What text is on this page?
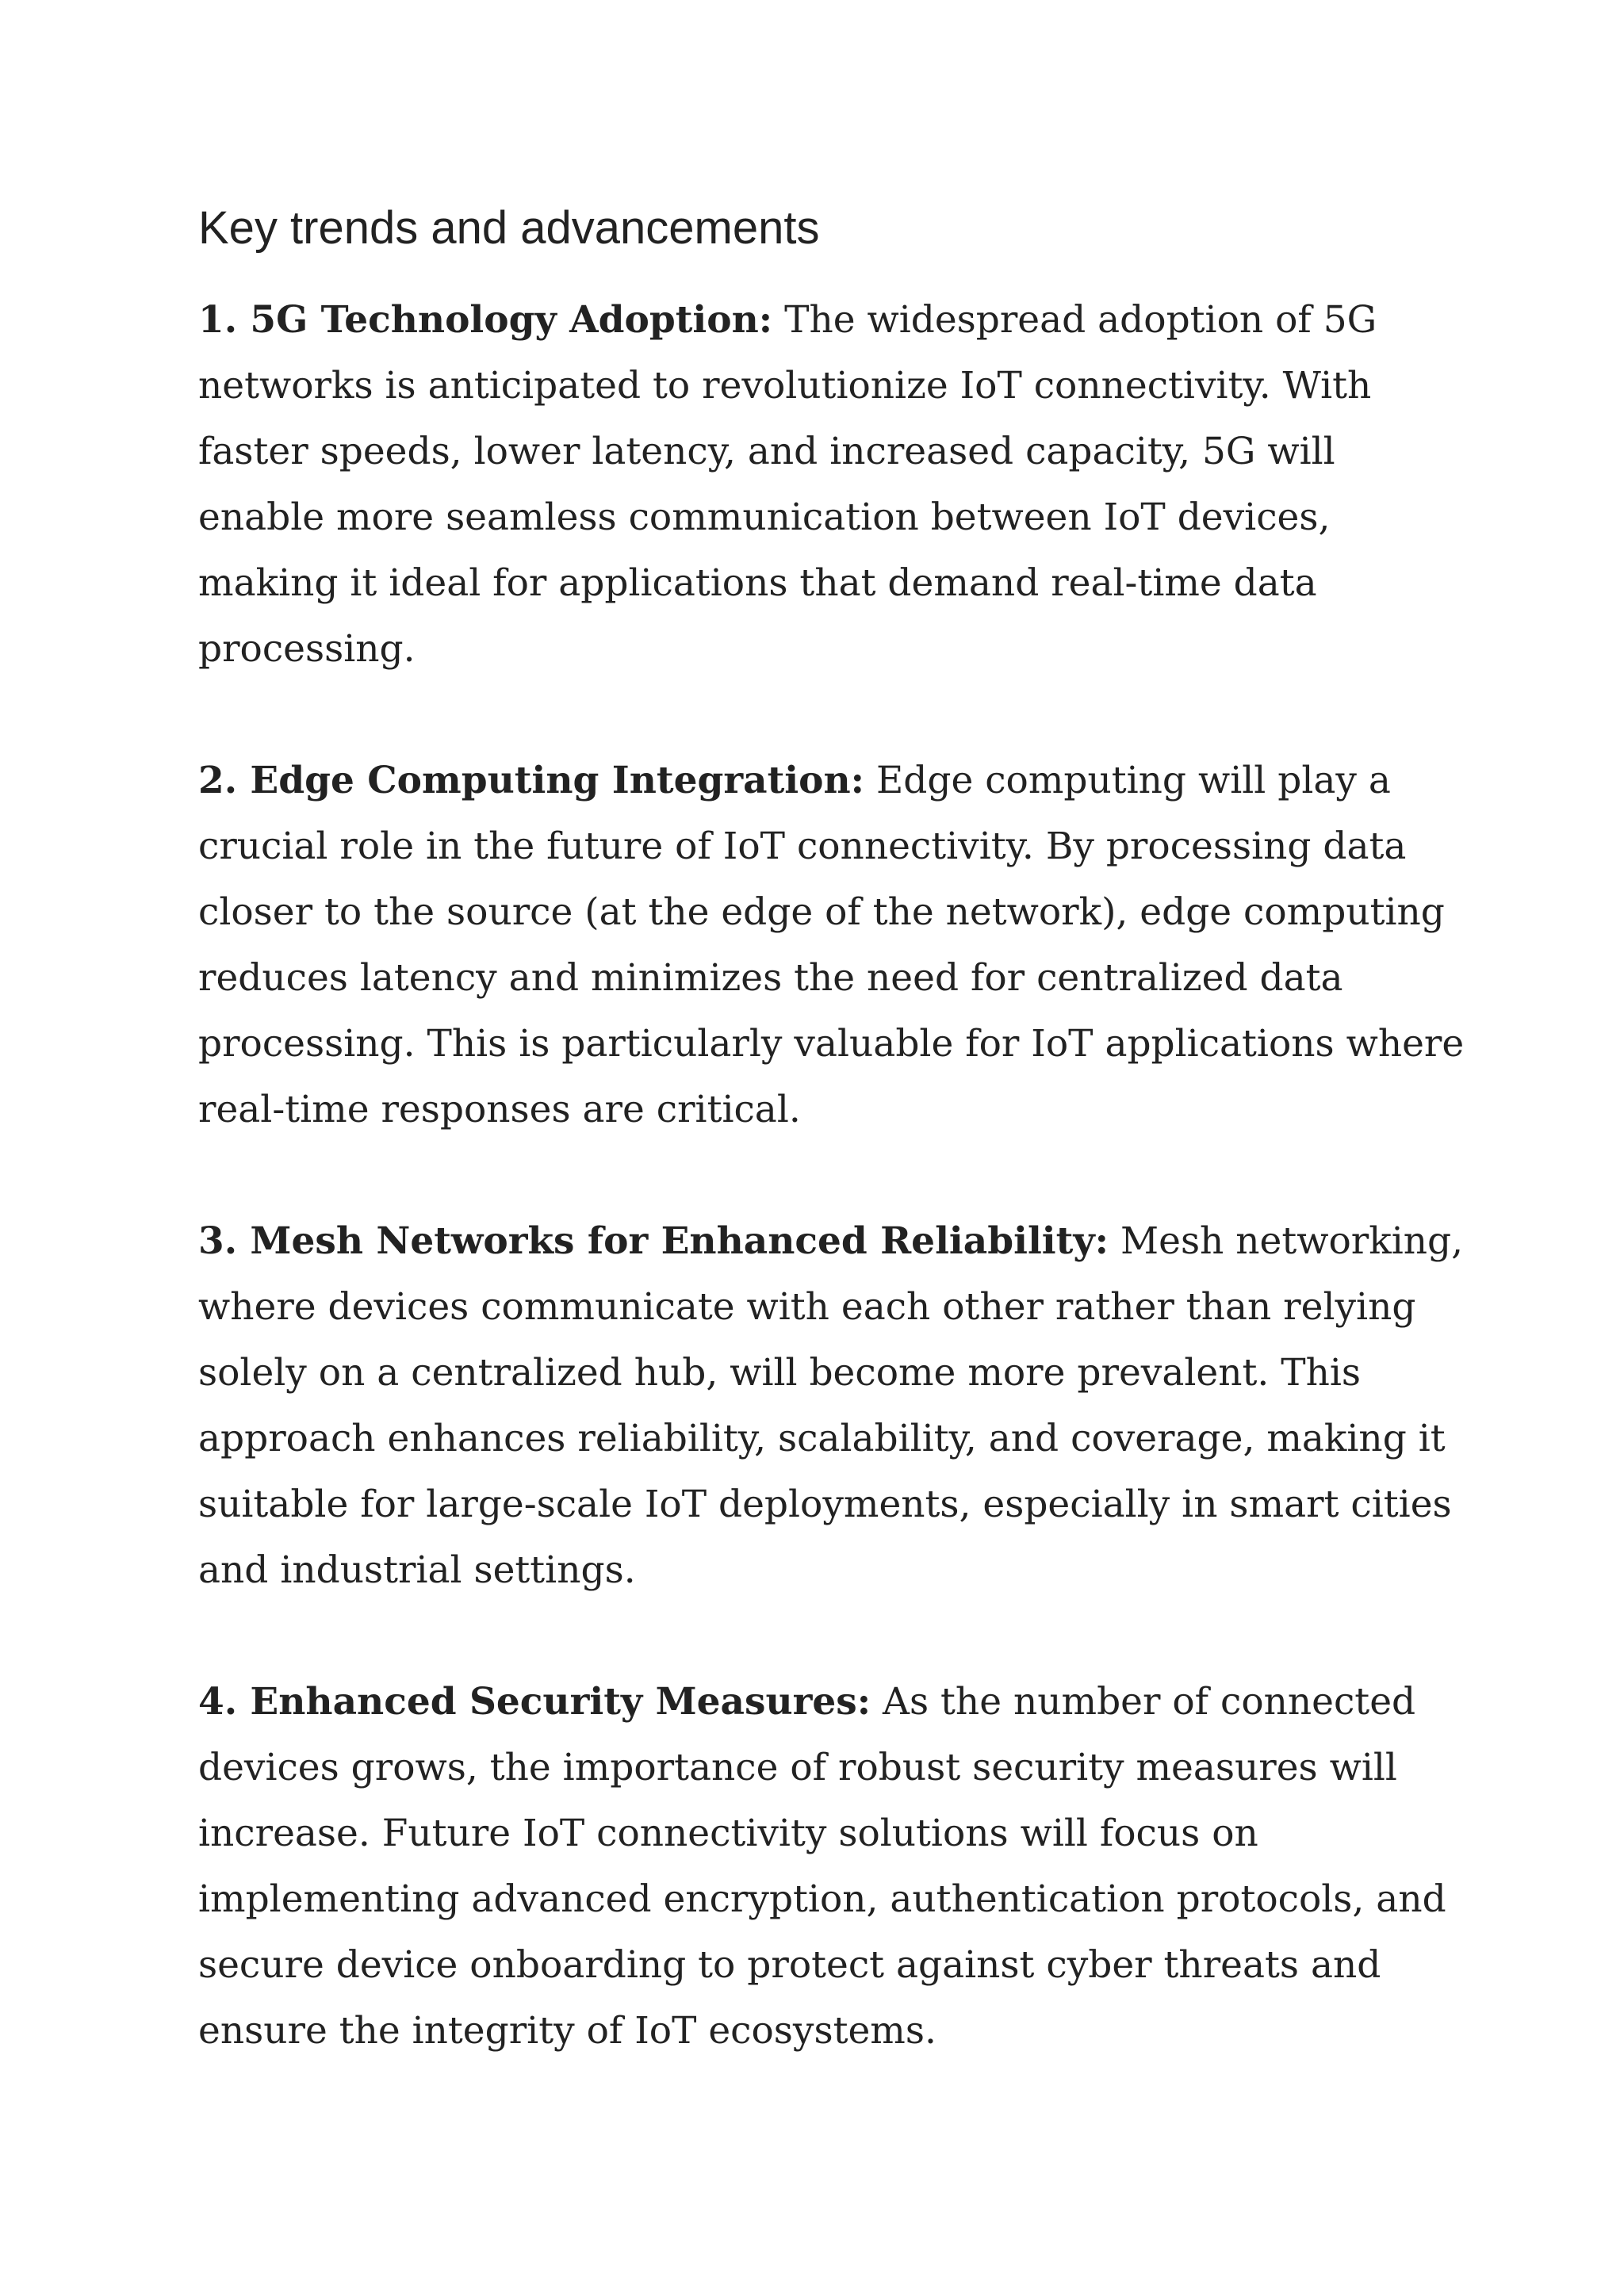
Key trends and advancements

1. 5G Technology Adoption: The widespread adoption of 5G networks is anticipated to revolutionize IoT connectivity. With faster speeds, lower latency, and increased capacity, 5G will enable more seamless communication between IoT devices, making it ideal for applications that demand real-time data processing.

2. Edge Computing Integration: Edge computing will play a crucial role in the future of IoT connectivity. By processing data closer to the source (at the edge of the network), edge computing reduces latency and minimizes the need for centralized data processing. This is particularly valuable for IoT applications where real-time responses are critical.

3. Mesh Networks for Enhanced Reliability: Mesh networking, where devices communicate with each other rather than relying solely on a centralized hub, will become more prevalent. This approach enhances reliability, scalability, and coverage, making it suitable for large-scale IoT deployments, especially in smart cities and industrial settings.

4. Enhanced Security Measures: As the number of connected devices grows, the importance of robust security measures will increase. Future IoT connectivity solutions will focus on implementing advanced encryption, authentication protocols, and secure device onboarding to protect against cyber threats and ensure the integrity of IoT ecosystems.
